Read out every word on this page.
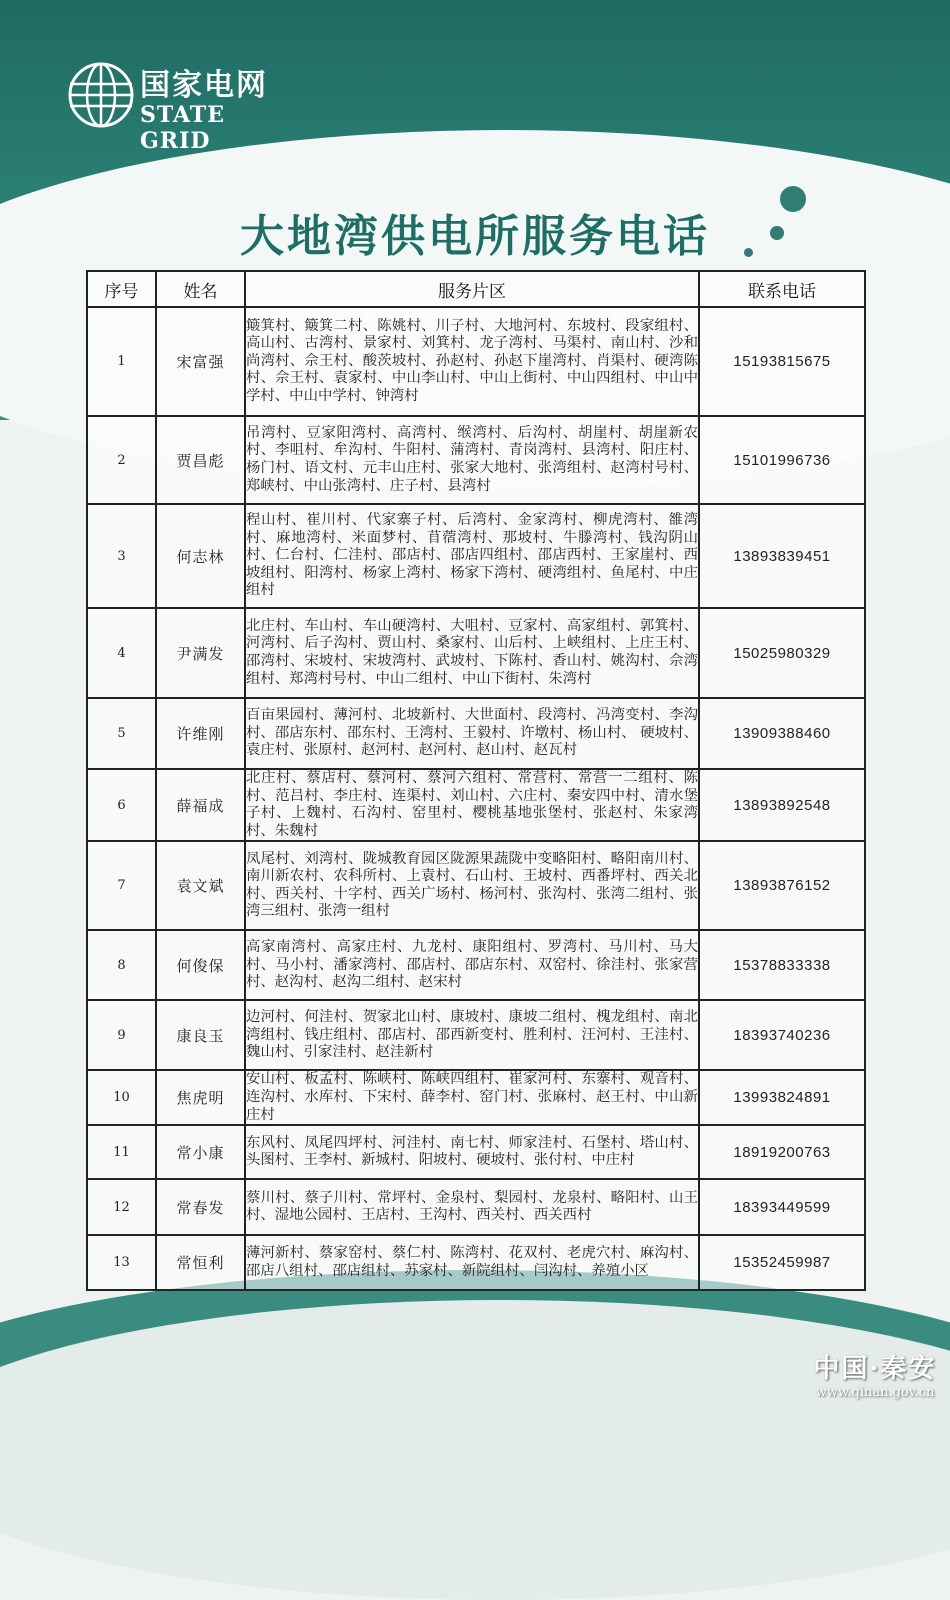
国家电网
STATE GRID
大地湾供电所服务电话
序号	姓名	服务片区	联系电话
1	宋富强	簸箕村、簸箕二村、陈姚村、川子村、大地河村、东坡村、段家组村、高山村、古湾村、景家村、刘箕村、龙子湾村、马渠村、南山村、沙和尚湾村、佘王村、酸茨坡村、孙赵村、孙赵下崖湾村、肖渠村、硬湾陈村、佘王村、袁家村、中山李山村、中山上街村、中山四组村、中山中学村、中山中学村、钟湾村	15193815675
2	贾昌彪	吊湾村、豆家阳湾村、高湾村、缑湾村、后沟村、胡崖村、胡崖新农村、李咀村、牟沟村、牛阳村、蒲湾村、青岗湾村、县湾村、阳庄村、杨门村、语文村、元丰山庄村、张家大地村、张湾组村、赵湾村号村、郑峡村、中山张湾村、庄子村、县湾村	15101996736
3	何志林	程山村、崔川村、代家寨子村、后湾村、金家湾村、柳虎湾村、雒湾村、麻地湾村、米面梦村、苜蓿湾村、那坡村、牛滕湾村、钱沟阴山村、仁台村、仁洼村、邵店村、邵店四组村、邵店西村、王家崖村、西坡组村、阳湾村、杨家上湾村、杨家下湾村、硬湾组村、鱼尾村、中庄组村	13893839451
4	尹满发	北庄村、车山村、车山硬湾村、大咀村、豆家村、高家组村、郭箕村、河湾村、后子沟村、贾山村、桑家村、山后村、上峡组村、上庄王村、邵湾村、宋坡村、宋坡湾村、武坡村、下陈村、香山村、姚沟村、佘湾组村、郑湾村号村、中山二组村、中山下街村、朱湾村	15025980329
5	许维刚	百亩果园村、薄河村、北坡新村、大世面村、段湾村、冯湾变村、李沟村、邵店东村、邵东村、王湾村、王毅村、许墩村、杨山村、 硬坡村、袁庄村、张原村、赵河村、赵河村、赵山村、赵瓦村	13909388460
6	薛福成	北庄村、蔡店村、蔡河村、蔡河六组村、常营村、常营一二组村、陈村、范吕村、李庄村、连渠村、刘山村、六庄村、秦安四中村、清水堡子村、上魏村、石沟村、窑里村、樱桃基地张堡村、张赵村、朱家湾村、朱魏村	13893892548
7	袁文斌	凤尾村、刘湾村、陇城教育园区陇源果蔬陇中变略阳村、略阳南川村、南川新农村、农科所村、上袁村、石山村、王坡村、西番坪村、西关北村、西关村、十字村、西关广场村、杨河村、张沟村、张湾二组村、张湾三组村、张湾一组村	13893876152
8	何俊保	高家南湾村、高家庄村、九龙村、康阳组村、罗湾村、马川村、马大村、马小村、潘家湾村、邵店村、邵店东村、双窑村、徐洼村、张家营村、赵沟村、赵沟二组村、赵宋村	15378833338
9	康良玉	边河村、何洼村、贺家北山村、康坡村、康坡二组村、槐龙组村、南北湾组村、钱庄组村、邵店村、邵西新变村、胜利村、汪河村、王洼村、魏山村、引家洼村、赵洼新村	18393740236
10	焦虎明	安山村、板孟村、陈峡村、陈峡四组村、崔家河村、东寨村、观音村、连沟村、水库村、下宋村、薛李村、窑门村、张麻村、赵王村、中山新庄村	13993824891
11	常小康	东风村、凤尾四坪村、河洼村、南七村、师家洼村、石堡村、塔山村、头图村、王李村、新城村、阳坡村、硬坡村、张付村、中庄村	18919200763
12	常春发	蔡川村、蔡子川村、常坪村、金泉村、梨园村、龙泉村、略阳村、山王村、湿地公园村、王店村、王沟村、西关村、西关西村	18393449599
13	常恒利	薄河新村、蔡家窑村、蔡仁村、陈湾村、花双村、老虎穴村、麻沟村、邵店八组村、邵店组村、苏家村、新院组村、闫沟村、养殖小区	15352459987
中国·秦安
www.qinan.gov.cn
